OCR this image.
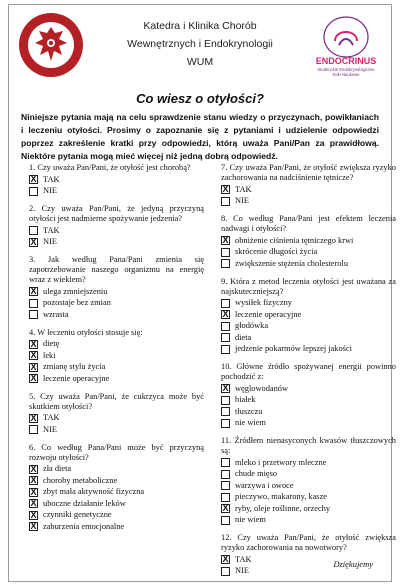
Katedra i Klinika Chorób
Wewnętrznych i Endokrynologii
WUM	ENDOCRINUS
Studenckie Endokrynologiczne
Koło Naukowe
Co wiesz o otyłości?
Niniejsze pytania mają na celu sprawdzenie stanu wiedzy o przyczynach, powikłaniach i leczeniu otyłości. Prosimy o zapoznanie się z pytaniami i udzielenie odpowiedzi poprzez zakreślenie kratki przy odpowiedzi, którą uważa Pani/Pan za prawidłową. Niektóre pytania mogą mieć więcej niż jedną dobrą odpowiedź.
1. Czy uważa Pan/Pani, że otyłość jest chorobą?
X TAK
NIE
2. Czy uważa Pan/Pani, że jedyną przyczyną otyłości jest nadmierne spożywanie jedzenia?
TAK
X NIE
3. Jak według Pana/Pani zmienia się zapotrzebowanie naszego organizmu na energię wraz z wiekiem?
X ulega zmniejszeniu
pozostaje bez zmian
wzrasta
4. W leczeniu otyłości stosuje się:
X dietę
X leki
X zmianę stylu życia
X leczenie operacyjne
5. Czy uważa Pan/Pani, że cukrzyca może być skutkiem otyłości?
X TAK
NIE
6. Co według Pana/Pani może być przyczyną rozwoju otyłości?
X zła dieta
X choroby metaboliczne
X zbyt mała aktywność fizyczna
X uboczne działanie leków
X czynniki genetyczne
X zaburzenia emocjonalne
7. Czy uważa Pan/Pani, że otyłość zwiększa ryzyko zachorowania na nadciśnienie tętnicze?
X TAK
NIE
8. Co według Pana/Pani jest efektem leczenia nadwagi i otyłości?
X obniżenie ciśnienia tętniczego krwi
skrócenie długości życia
zwiększenie stężenia cholesterolu
9. Która z metod leczenia otyłości jest uważana za najskuteczniejszą?
wysiłek fizyczny
X leczenie operacyjne
głodówka
dieta
jedzenie pokarmów lepszej jakości
10. Główne źródło spożywanej energii powinno pochodzić z:
X węglowodanów
białek
tłuszczu
nie wiem
11. Źródłem nienasyconych kwasów tłuszczowych są:
mleko i przetwory mleczne
chude mięso
warzywa i owoce
pieczywo, makarony, kasze
X ryby, oleje roślinne, orzechy
nie wiem
12. Czy uważa Pan/Pani, że otyłość zwiększa ryzyko zachorowania na nowotwory?
X TAK
NIE
Dziękujemy
